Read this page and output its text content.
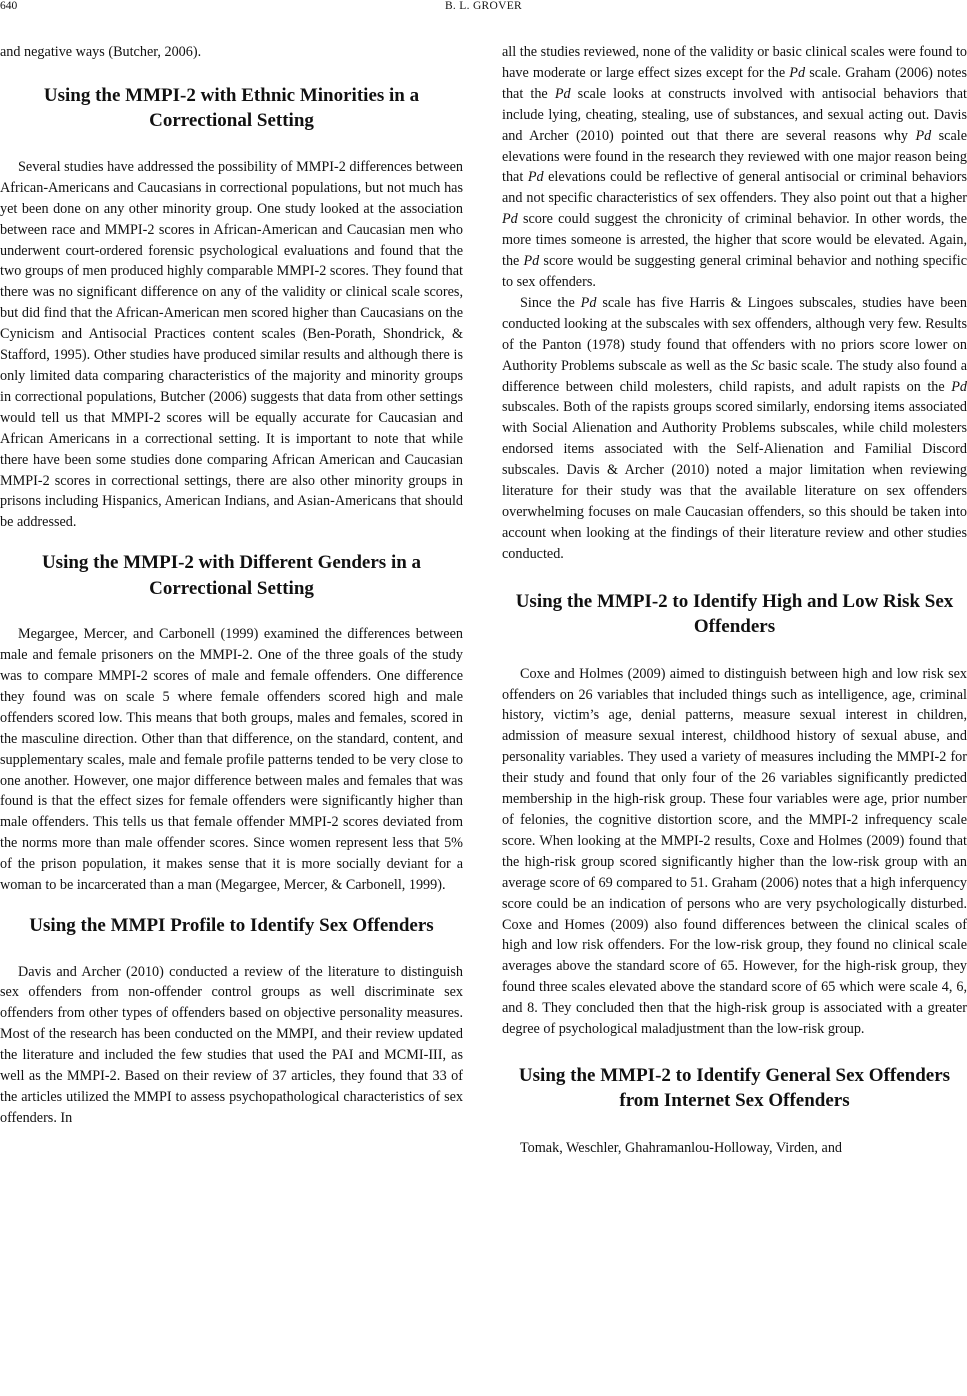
640	B. L. GROVER

and negative ways (Butcher, 2006).

Using the MMPI-2 with Ethnic Minorities in a Correctional Setting

Several studies have addressed the possibility of MMPI-2 differences between African-Americans and Caucasians in correctional populations, but not much has yet been done on any other minority group. One study looked at the association between race and MMPI-2 scores in African-American and Caucasian men who underwent court-ordered forensic psychological evaluations and found that the two groups of men produced highly comparable MMPI-2 scores. They found that there was no significant difference on any of the validity or clinical scale scores, but did find that the African-American men scored higher than Caucasians on the Cynicism and Antisocial Practices content scales (Ben-Porath, Shondrick, & Stafford, 1995). Other studies have produced similar results and although there is only limited data comparing characteristics of the majority and minority groups in correctional populations, Butcher (2006) suggests that data from other settings would tell us that MMPI-2 scores will be equally accurate for Caucasian and African Americans in a correctional setting. It is important to note that while there have been some studies done comparing African American and Caucasian MMPI-2 scores in correctional settings, there are also other minority groups in prisons including Hispanics, American Indians, and Asian-Americans that should be addressed.

Using the MMPI-2 with Different Genders in a Correctional Setting

Megargee, Mercer, and Carbonell (1999) examined the differences between male and female prisoners on the MMPI-2. One of the three goals of the study was to compare MMPI-2 scores of male and female offenders. One difference they found was on scale 5 where female offenders scored high and male offenders scored low. This means that both groups, males and females, scored in the masculine direction. Other than that difference, on the standard, content, and supplementary scales, male and female profile patterns tended to be very close to one another. However, one major difference between males and females that was found is that the effect sizes for female offenders were significantly higher than male offenders. This tells us that female offender MMPI-2 scores deviated from the norms more than male offender scores. Since women represent less that 5% of the prison population, it makes sense that it is more socially deviant for a woman to be incarcerated than a man (Megargee, Mercer, & Carbonell, 1999).

Using the MMPI Profile to Identify Sex Offenders

Davis and Archer (2010) conducted a review of the literature to distinguish sex offenders from non-offender control groups as well discriminate sex offenders from other types of offenders based on objective personality measures. Most of the research has been conducted on the MMPI, and their review updated the literature and included the few studies that used the PAI and MCMI-III, as well as the MMPI-2. Based on their review of 37 articles, they found that 33 of the articles utilized the MMPI to assess psychopathological characteristics of sex offenders. In

all the studies reviewed, none of the validity or basic clinical scales were found to have moderate or large effect sizes except for the Pd scale. Graham (2006) notes that the Pd scale looks at constructs involved with antisocial behaviors that include lying, cheating, stealing, use of substances, and sexual acting out. Davis and Archer (2010) pointed out that there are several reasons why Pd scale elevations were found in the research they reviewed with one major reason being that Pd elevations could be reflective of general antisocial or criminal behaviors and not specific characteristics of sex offenders. They also point out that a higher Pd score could suggest the chronicity of criminal behavior. In other words, the more times someone is arrested, the higher that score would be elevated. Again, the Pd score would be suggesting general criminal behavior and nothing specific to sex offenders.

Since the Pd scale has five Harris & Lingoes subscales, studies have been conducted looking at the subscales with sex offenders, although very few. Results of the Panton (1978) study found that offenders with no priors score lower on Authority Problems subscale as well as the Sc basic scale. The study also found a difference between child molesters, child rapists, and adult rapists on the Pd subscales. Both of the rapists groups scored similarly, endorsing items associated with Social Alienation and Authority Problems subscales, while child molesters endorsed items associated with the Self-Alienation and Familial Discord subscales. Davis & Archer (2010) noted a major limitation when reviewing literature for their study was that the available literature on sex offenders overwhelming focuses on male Caucasian offenders, so this should be taken into account when looking at the findings of their literature review and other studies conducted.

Using the MMPI-2 to Identify High and Low Risk Sex Offenders

Coxe and Holmes (2009) aimed to distinguish between high and low risk sex offenders on 26 variables that included things such as intelligence, age, criminal history, victim’s age, denial patterns, measure sexual interest in children, admission of measure sexual interest, childhood history of sexual abuse, and personality variables. They used a variety of measures including the MMPI-2 for their study and found that only four of the 26 variables significantly predicted membership in the high-risk group. These four variables were age, prior number of felonies, the cognitive distortion score, and the MMPI-2 infrequency scale score. When looking at the MMPI-2 results, Coxe and Holmes (2009) found that the high-risk group scored significantly higher than the low-risk group with an average score of 69 compared to 51. Graham (2006) notes that a high inferquency score could be an indication of persons who are very psychologically disturbed. Coxe and Homes (2009) also found differences between the clinical scales of high and low risk offenders. For the low-risk group, they found no clinical scale averages above the standard score of 65. However, for the high-risk group, they found three scales elevated above the standard score of 65 which were scale 4, 6, and 8. They concluded then that the high-risk group is associated with a greater degree of psychological maladjustment than the low-risk group.

Using the MMPI-2 to Identify General Sex Offenders from Internet Sex Offenders

Tomak, Weschler, Ghahramanlou-Holloway, Virden, and
